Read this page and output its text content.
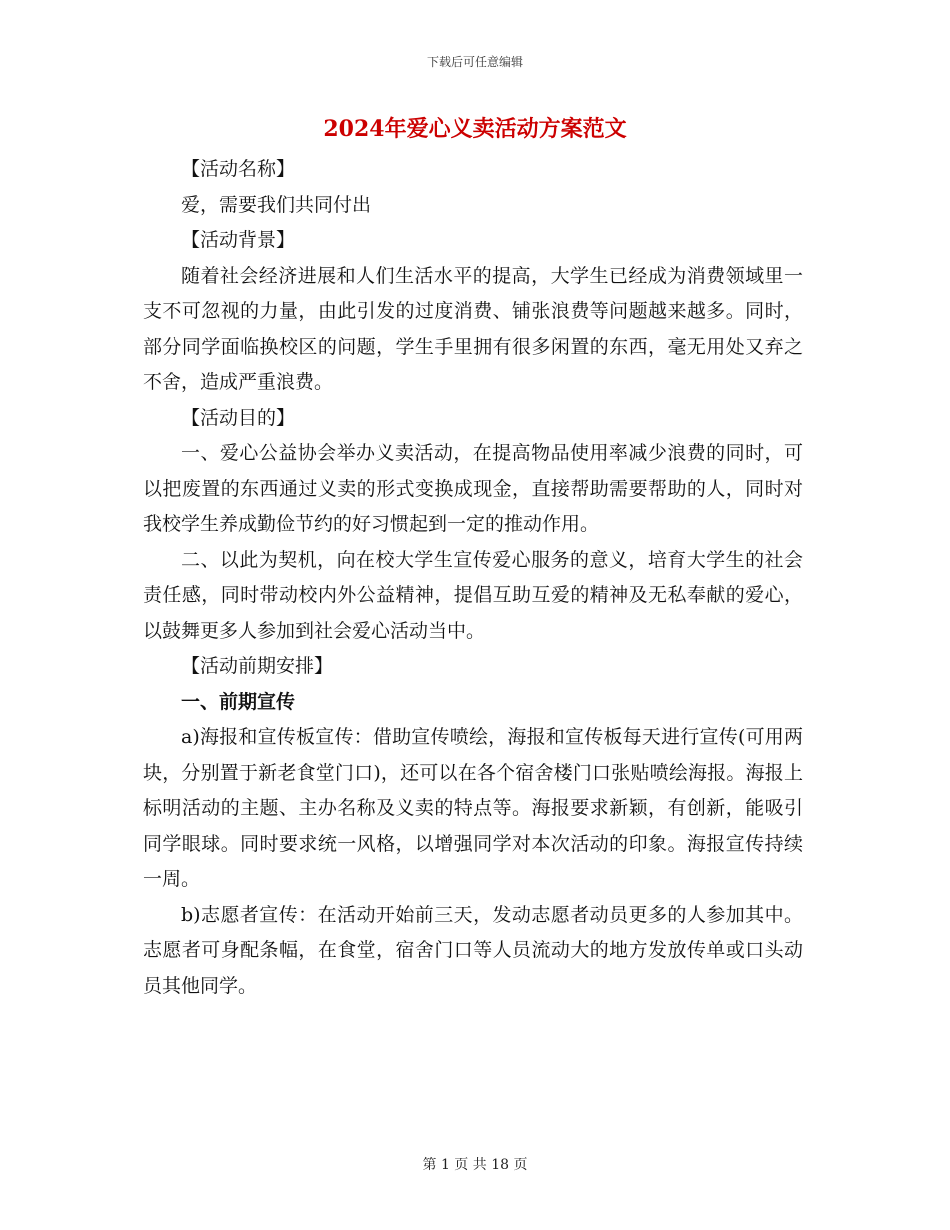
下载后可任意编辑
2024年爱心义卖活动方案范文

【活动名称】

爱，需要我们共同付出

【活动背景】

随着社会经济进展和人们生活水平的提高，大学生已经成为消费领域里一支不可忽视的力量，由此引发的过度消费、铺张浪费等问题越来越多。同时，部分同学面临换校区的问题，学生手里拥有很多闲置的东西，毫无用处又弃之不舍，造成严重浪费。

【活动目的】

一、爱心公益协会举办义卖活动，在提高物品使用率减少浪费的同时，可以把废置的东西通过义卖的形式变换成现金，直接帮助需要帮助的人，同时对我校学生养成勤俭节约的好习惯起到一定的推动作用。

二、以此为契机，向在校大学生宣传爱心服务的意义，培育大学生的社会责任感，同时带动校内外公益精神，提倡互助互爱的精神及无私奉献的爱心，以鼓舞更多人参加到社会爱心活动当中。

【活动前期安排】

一、前期宣传

a)海报和宣传板宣传：借助宣传喷绘，海报和宣传板每天进行宣传(可用两块，分别置于新老食堂门口)，还可以在各个宿舍楼门口张贴喷绘海报。海报上标明活动的主题、主办名称及义卖的特点等。海报要求新颖，有创新，能吸引同学眼球。同时要求统一风格，以增强同学对本次活动的印象。海报宣传持续一周。

b)志愿者宣传：在活动开始前三天，发动志愿者动员更多的人参加其中。志愿者可身配条幅，在食堂，宿舍门口等人员流动大的地方发放传单或口头动员其他同学。

第 1 页 共 18 页
